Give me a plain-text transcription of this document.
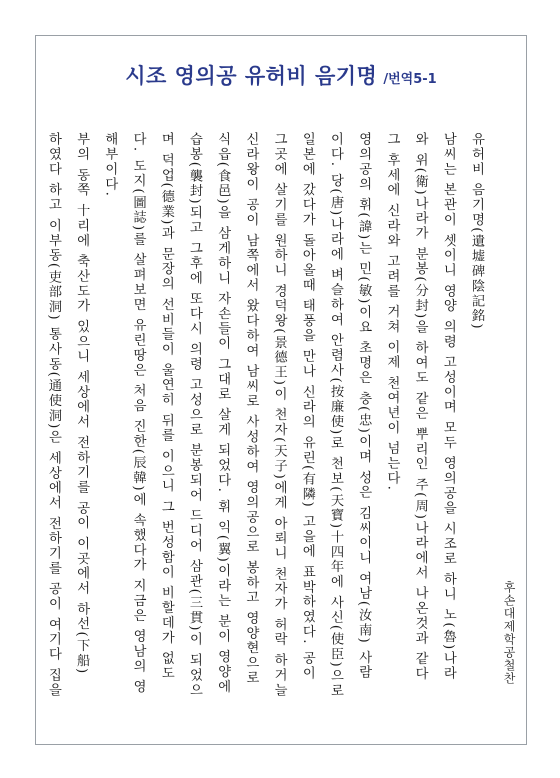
시조 영의공 유허비 음기명 /번역5-1
유허비 음기명(遺墟碑陰記銘)
남씨는 본관이 셋이니 영양 의령 고성이며 모두 영의공을 시조로 하니 노(魯)나라
와 위(衛)나라가 분봉(分封)을 하여도 같은 뿌리인 주(周)나라에서 나온것과 같다
그 후세에 신라와 고려를 거쳐 이제 천여년이 넘는다.
영의공의 휘(諱)는 민(敏)이요 초명은 충(忠)이며 성은 김씨이니 여남(汝南) 사람
이다. 당(唐)나라에 벼슬하여 안렴사(按廉使)로 천보(天寶)十四年에 사신(使臣)으로
일본에 갔다가 돌아올때 태풍을 만나 신라의 유린(有隣) 고을에 표박하였다. 공이
그곳에 살기를 원하니 경덕왕(景德王)이 천자(天子)에게 아뢰니 천자가 허락 하거늘
신라왕이 공이 남쪽에서 왔다하여 남씨로 사성하여 영의공으로 봉하고 영양현으로
식읍(食邑)을 삼게하니 자손들이 그대로 살게 되었다. 휘 익(翼)이라는 분이 영양에
습봉(襲封)되고 그후에 또다시 의령 고성으로 분봉되어 드디어 삼관(三貫)이 되었으
며 덕업(德業)과 문장의 선비들이 울연히 뒤를 이으니 그 번성함이 비할데가 없도
다. 도지(圖誌)를 살펴보면 유린땅은 처음 진한(辰韓)에 속했다가 지금은 영남의 영
해부이다.
부의 동쪽 十리에 축산도가 있으니 세상에서 전하기를 공이 이곳에서 하선(下船)
하였다 하고 이부동(吏部洞) 통사동(通使洞)은 세상에서 전하기를 공이 여기다 집을	후손대제학공철찬
